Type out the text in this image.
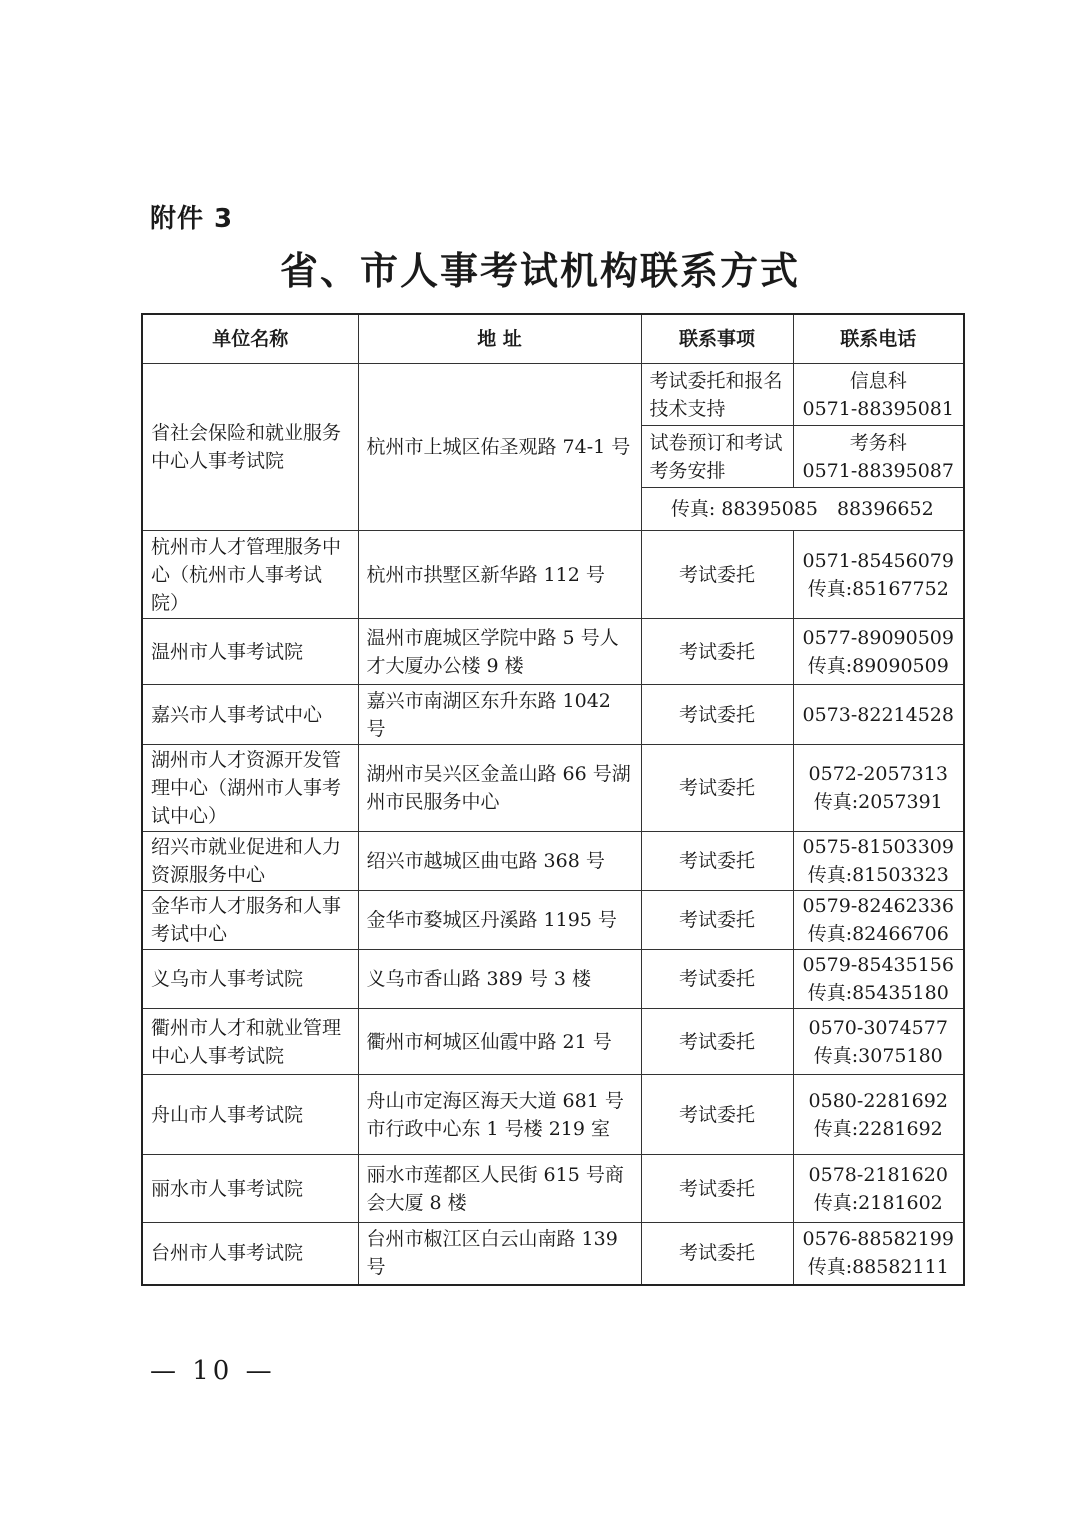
附件 3
省、市人事考试机构联系方式
单位名称	地 址	联系事项	联系电话
省社会保险和就业服务中心人事考试院	杭州市上城区佑圣观路 74-1 号	考试委托和报名技术支持	信息科
0571-88395081

		试卷预订和考试考务安排	考务科
0571-88395087

		传真: 88395085　88396652	
杭州市人才管理服务中心（杭州市人事考试院）	杭州市拱墅区新华路 112 号	考试委托	0571-85456079
传真:85167752

温州市人事考试院	温州市鹿城区学院中路 5 号人才大厦办公楼 9 楼	考试委托	0577-89090509
传真:89090509

嘉兴市人事考试中心	嘉兴市南湖区东升东路 1042 号	考试委托	0573-82214528

湖州市人才资源开发管理中心（湖州市人事考试中心）	湖州市吴兴区金盖山路 66 号湖州市民服务中心	考试委托	0572-2057313
传真:2057391

绍兴市就业促进和人力资源服务中心	绍兴市越城区曲屯路 368 号	考试委托	0575-81503309
传真:81503323

金华市人才服务和人事考试中心	金华市婺城区丹溪路 1195 号	考试委托	0579-82462336
传真:82466706

义乌市人事考试院	义乌市香山路 389 号 3 楼	考试委托	0579-85435156
传真:85435180

衢州市人才和就业管理中心人事考试院	衢州市柯城区仙霞中路 21 号	考试委托	0570-3074577
传真:3075180

舟山市人事考试院	舟山市定海区海天大道 681 号市行政中心东 1 号楼 219 室	考试委托	0580-2281692
传真:2281692

丽水市人事考试院	丽水市莲都区人民街 615 号商会大厦 8 楼	考试委托	0578-2181620
传真:2181602

台州市人事考试院	台州市椒江区白云山南路 139 号	考试委托	0576-88582199
传真:88582111
— 10 —
